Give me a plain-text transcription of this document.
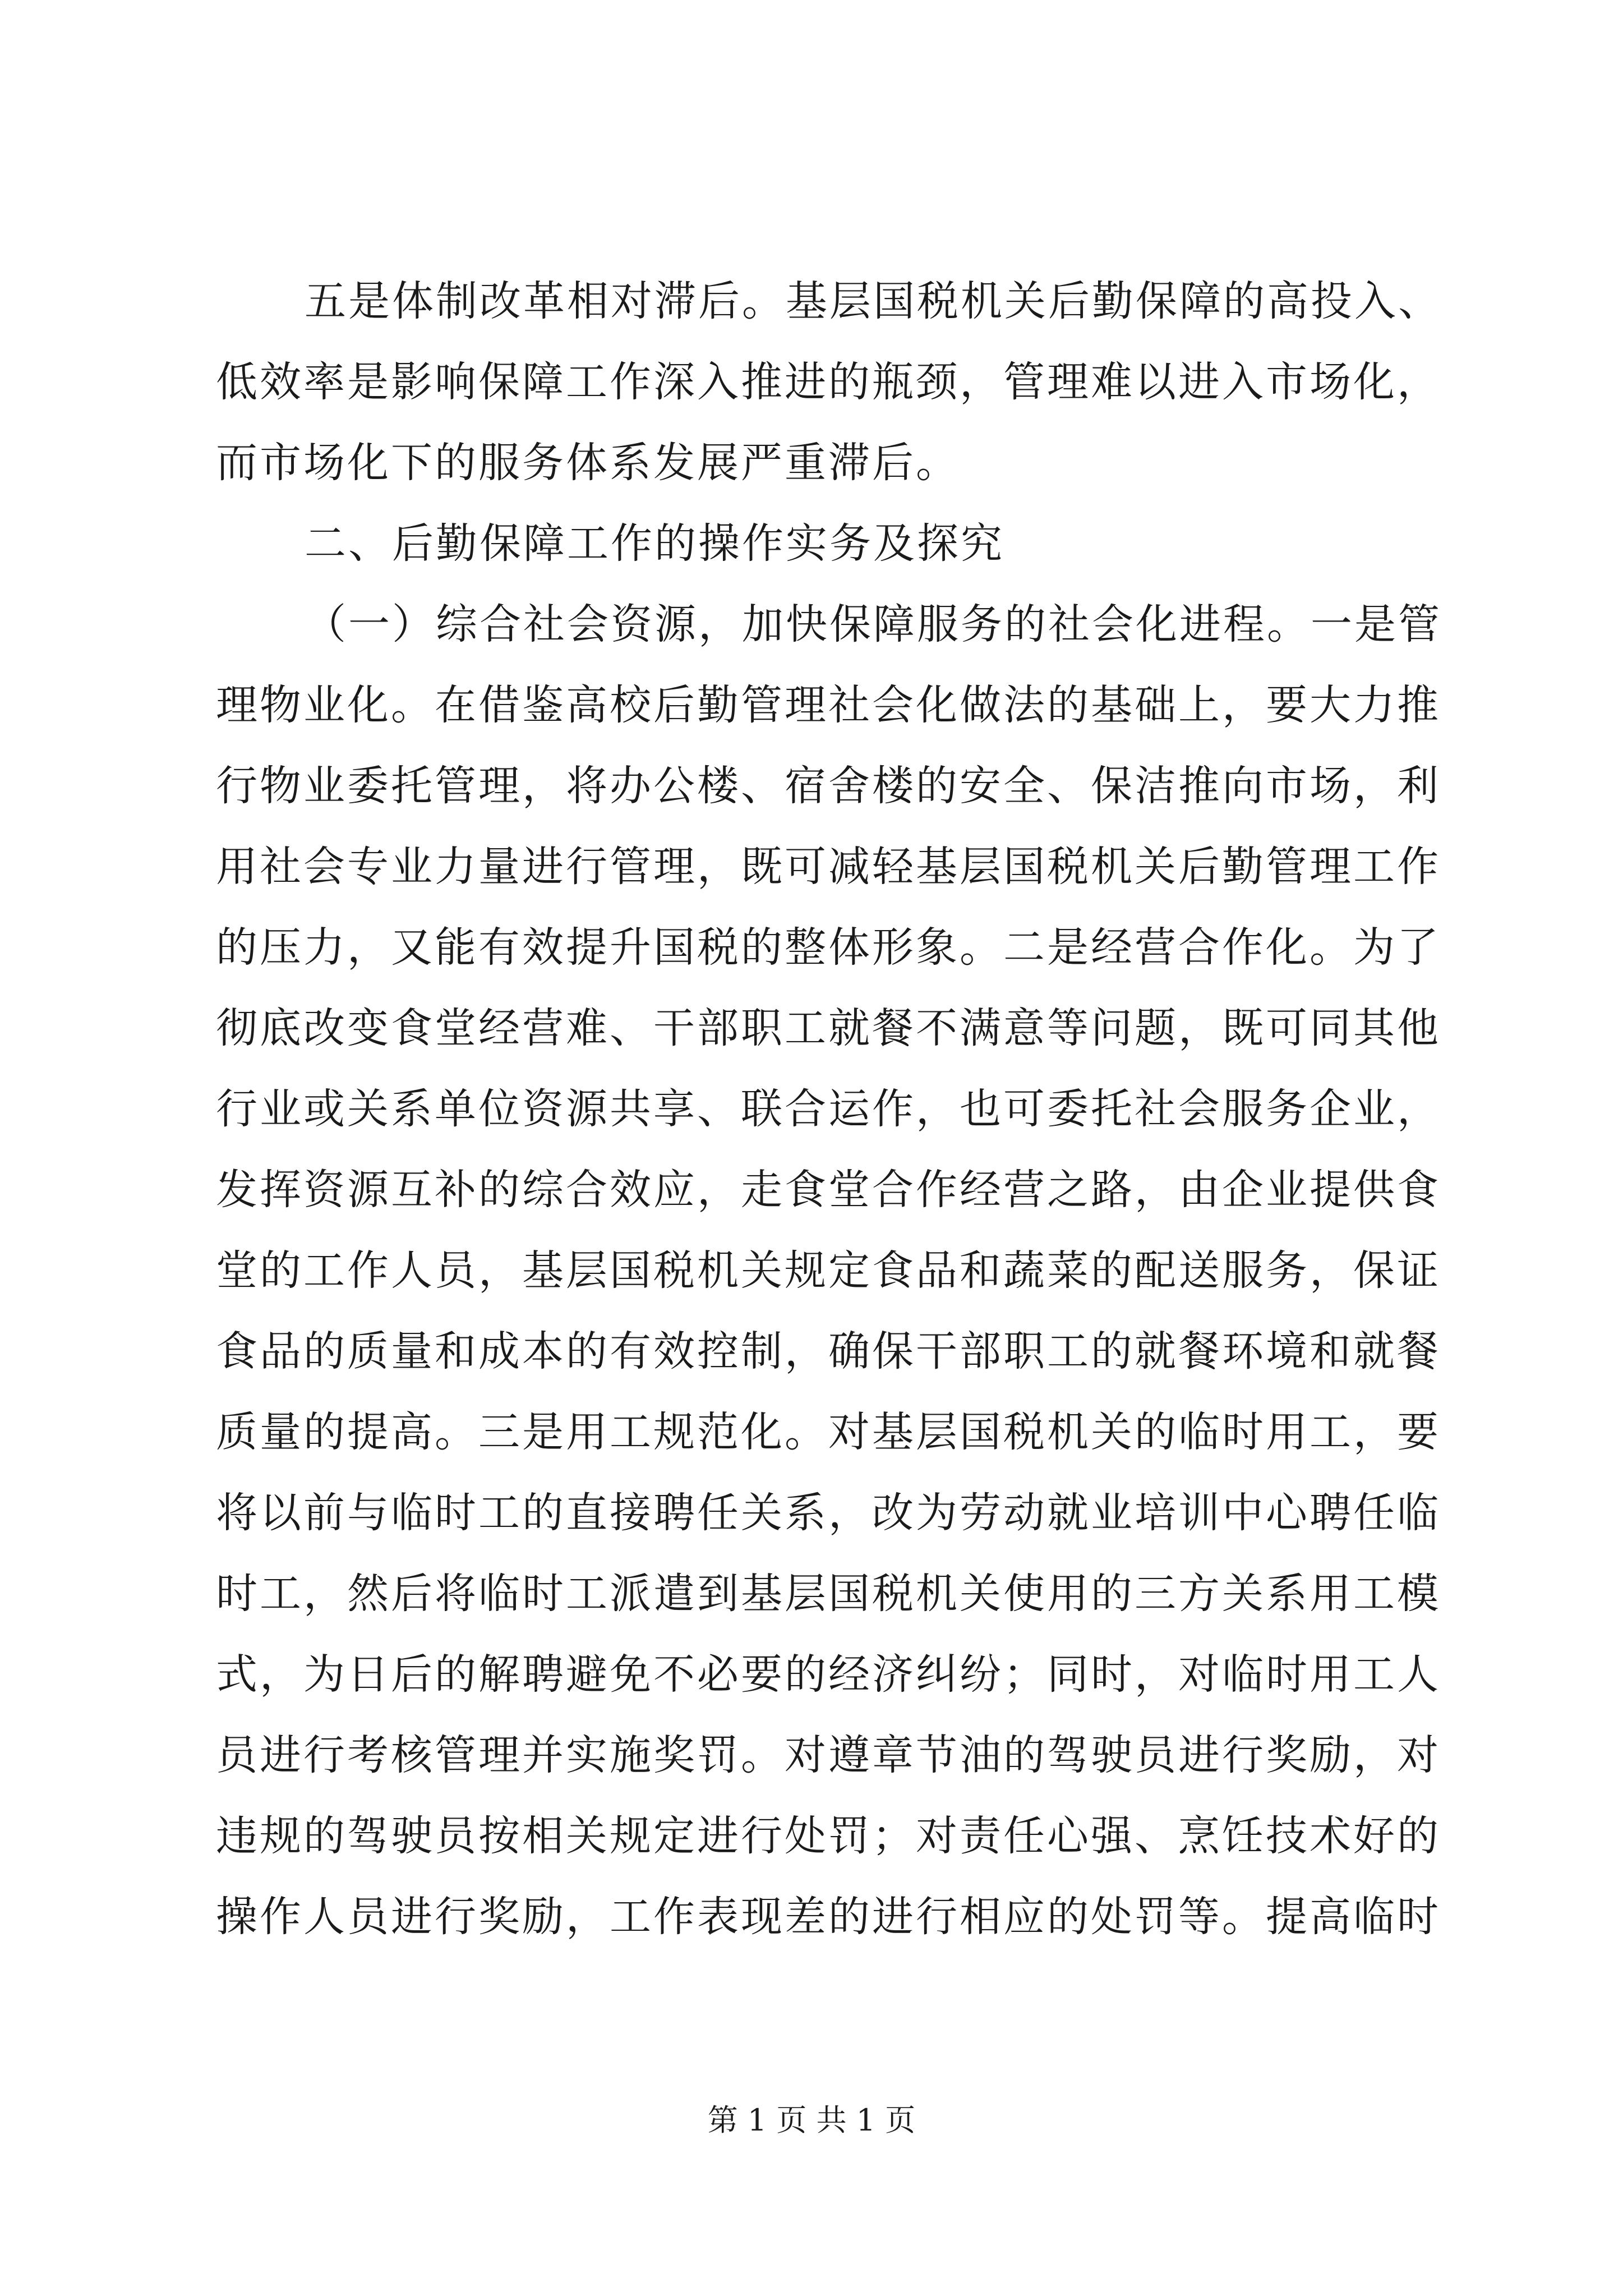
五是体制改革相对滞后。基层国税机关后勤保障的高投入、
低效率是影响保障工作深入推进的瓶颈，管理难以进入市场化，
而市场化下的服务体系发展严重滞后。
二、后勤保障工作的操作实务及探究
（一）综合社会资源，加快保障服务的社会化进程。一是管
理物业化。在借鉴高校后勤管理社会化做法的基础上，要大力推
行物业委托管理，将办公楼、宿舍楼的安全、保洁推向市场，利
用社会专业力量进行管理，既可减轻基层国税机关后勤管理工作
的压力，又能有效提升国税的整体形象。二是经营合作化。为了
彻底改变食堂经营难、干部职工就餐不满意等问题，既可同其他
行业或关系单位资源共享、联合运作，也可委托社会服务企业，
发挥资源互补的综合效应，走食堂合作经营之路，由企业提供食
堂的工作人员，基层国税机关规定食品和蔬菜的配送服务，保证
食品的质量和成本的有效控制，确保干部职工的就餐环境和就餐
质量的提高。三是用工规范化。对基层国税机关的临时用工，要
将以前与临时工的直接聘任关系，改为劳动就业培训中心聘任临
时工，然后将临时工派遣到基层国税机关使用的三方关系用工模
式，为日后的解聘避免不必要的经济纠纷；同时，对临时用工人
员进行考核管理并实施奖罚。对遵章节油的驾驶员进行奖励，对
违规的驾驶员按相关规定进行处罚；对责任心强、烹饪技术好的
操作人员进行奖励，工作表现差的进行相应的处罚等。提高临时
第 1 页 共 1 页
